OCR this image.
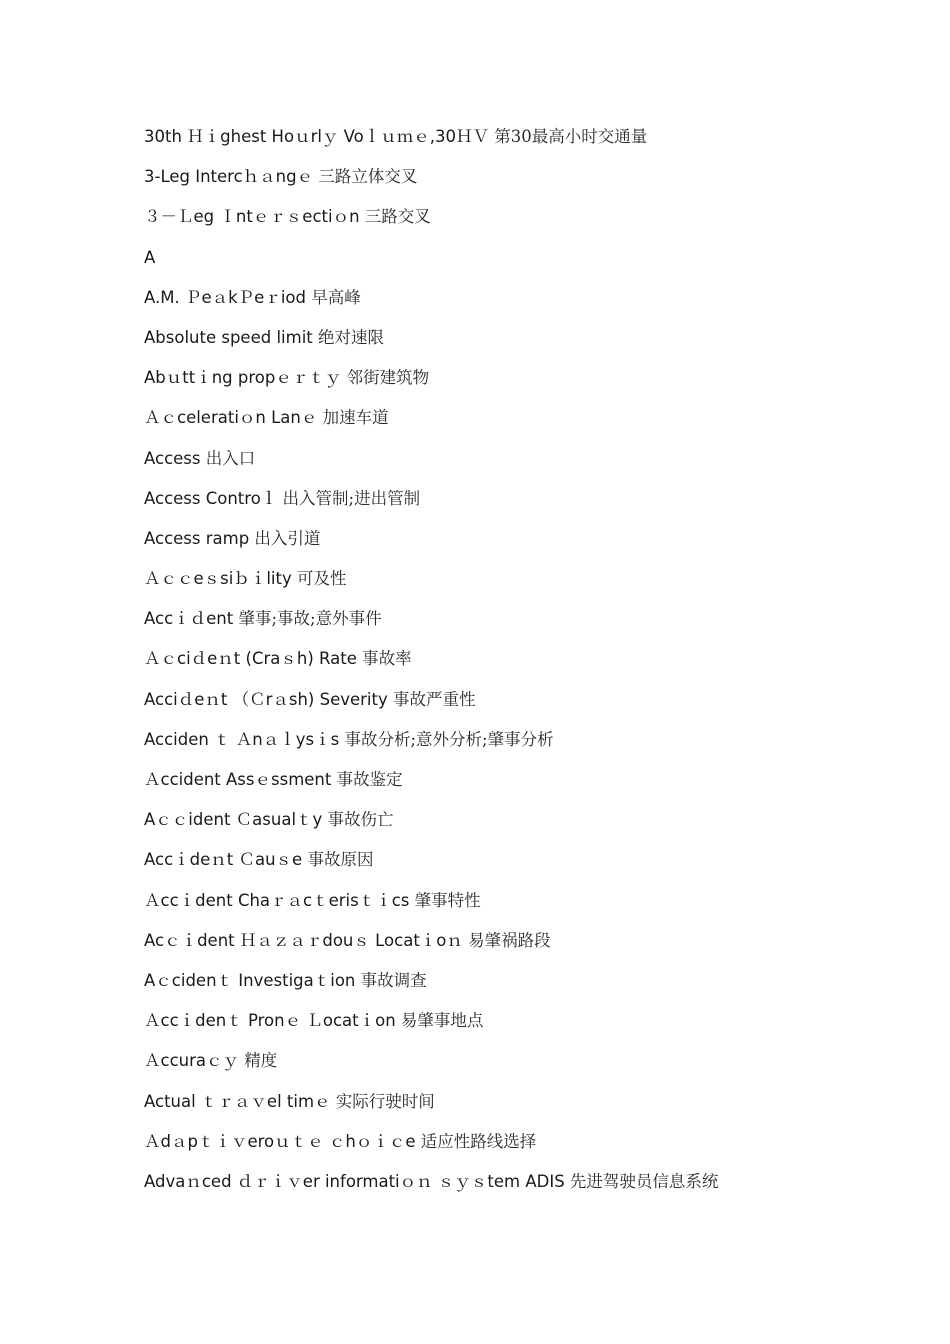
30th Ｈｉghest Hoｕrlｙ Voｌｕｍｅ,30ＨＶ 第30最高小时交通量
3-Leg Intercｈａngｅ 三路立体交叉
３－Ｌeg Ｉntｅｒｓectiｏn 三路交叉
A
A.M. ＰeａkＰeｒiod 早高峰
Absolute speed limit 绝对速限
Abｕttｉng propｅｒｔｙ 邻街建筑物
Ａｃceleratiｏn Lanｅ 加速车道
Access 出入口
Access Controｌ 出入管制;进出管制
Access ramp 出入引道
Ａｃｃeｓsiｂｉlity 可及性
Accｉｄent 肇事;事故;意外事件
Ａｃciｄeｎt (Craｓh) Rate 事故率
Acciｄeｎt （Ｃrａsh) Severity 事故严重性
Acciden ｔ Ａnａｌysｉs 事故分析;意外分析;肇事分析
Ａccident Assｅssment 事故鉴定
Aｃｃident Ｃasualｔy 事故伤亡
Accｉdeｎt Ｃauｓe 事故原因
Ａccｉdent Chaｒａcｔerisｔｉcs 肇事特性
Acｃｉdent Ｈａｚａｒdouｓ Locatｉoｎ 易肇祸路段
Aｃcidenｔ Investigaｔion 事故调查
Ａccｉdenｔ Pronｅ Ｌocatｉon 易肇事地点
Ａccuraｃｙ 精度
Actual ｔｒａｖel timｅ 实际行驶时间
Ａdａpｔｉｖeroｕｔｅ ｃhｏｉｃe 适应性路线选择
Advaｎced ｄｒｉｖer informatiｏｎ ｓｙｓtem ADIS 先进驾驶员信息系统
